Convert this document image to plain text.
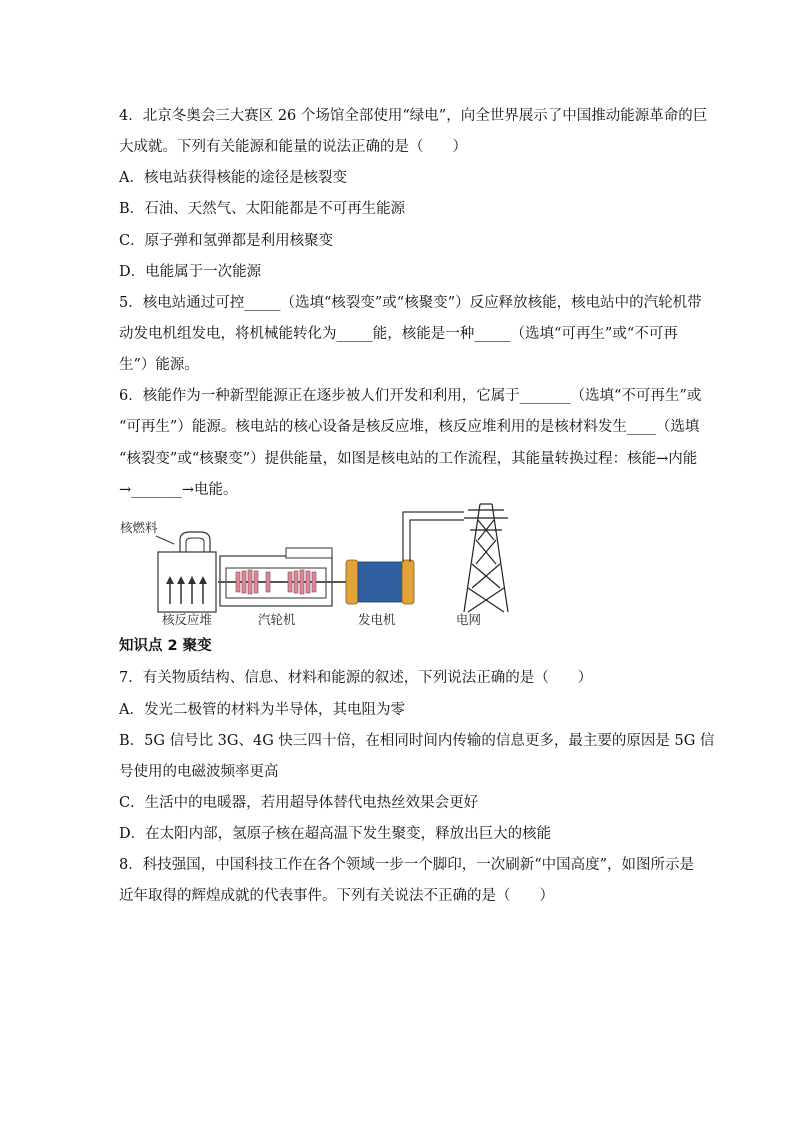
4．北京冬奥会三大赛区 26 个场馆全部使用“绿电”，向全世界展示了中国推动能源革命的巨
大成就。下列有关能源和能量的说法正确的是（　　）
A．核电站获得核能的途径是核裂变
B．石油、天然气、太阳能都是不可再生能源
C．原子弹和氢弹都是利用核聚变
D．电能属于一次能源
5．核电站通过可控_____（选填“核裂变”或“核聚变”）反应释放核能，核电站中的汽轮机带
动发电机组发电，将机械能转化为_____能，核能是一种_____（选填“可再生”或“不可再
生”）能源。
6．核能作为一种新型能源正在逐步被人们开发和利用，它属于_______（选填“不可再生”或
“可再生”）能源。核电站的核心设备是核反应堆，核反应堆利用的是核材料发生____（选填
“核裂变”或“核聚变”）提供能量，如图是核电站的工作流程，其能量转换过程：核能→内能
→_______→电能。
核燃料
核反应堆	汽轮机	发电机	电网
知识点 2 聚变
7．有关物质结构、信息、材料和能源的叙述，下列说法正确的是（　　）
A．发光二极管的材料为半导体，其电阻为零
B．5G 信号比 3G、4G 快三四十倍，在相同时间内传输的信息更多，最主要的原因是 5G 信
号使用的电磁波频率更高
C．生活中的电暖器，若用超导体替代电热丝效果会更好
D．在太阳内部，氢原子核在超高温下发生聚变，释放出巨大的核能
8．科技强国，中国科技工作在各个领域一步一个脚印，一次刷新“中国高度”，如图所示是
近年取得的辉煌成就的代表事件。下列有关说法不正确的是（　　）
